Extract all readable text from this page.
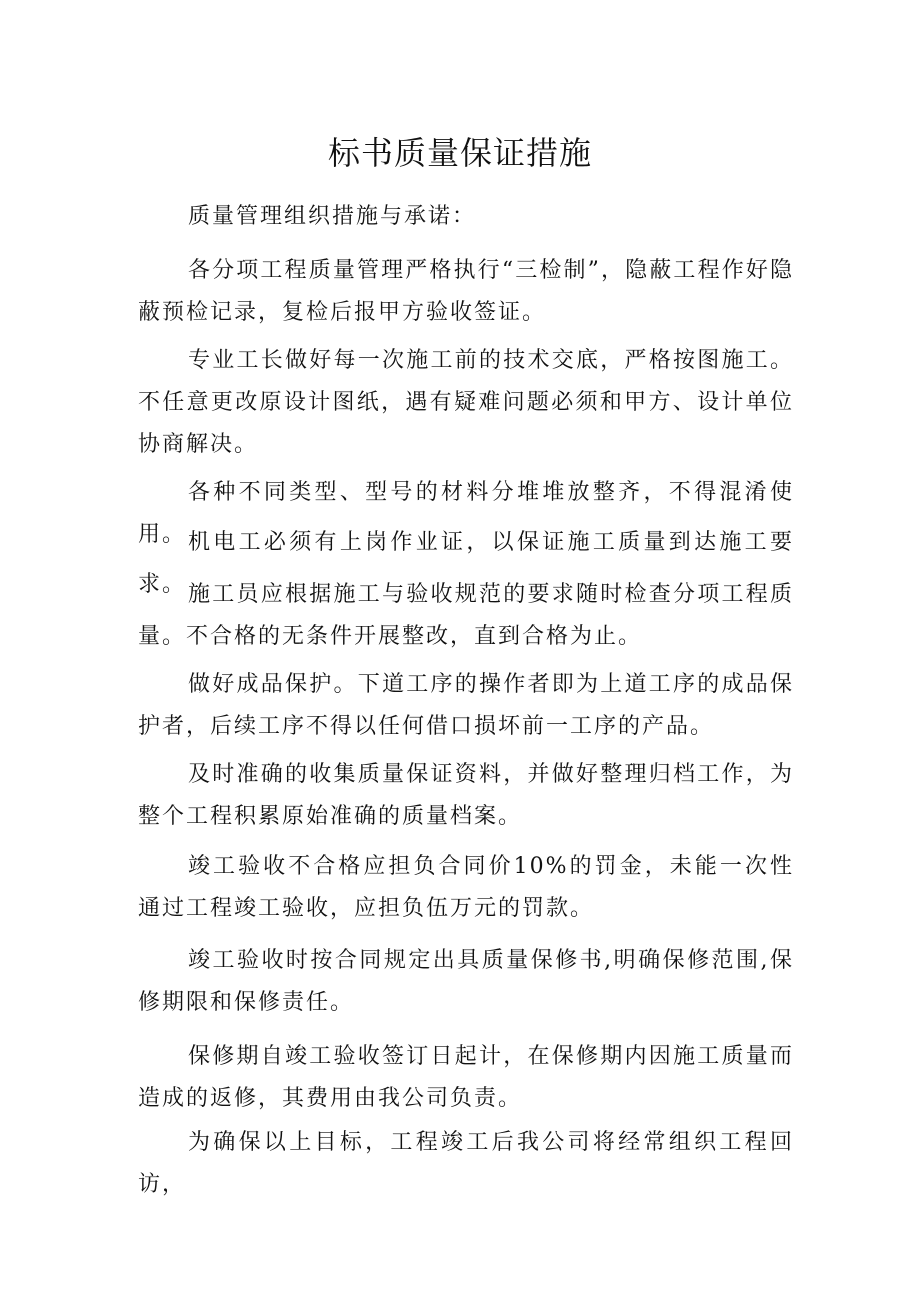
标书质量保证措施

质量管理组织措施与承诺：

各分项工程质量管理严格执行“三检制”，隐蔽工程作好隐蔽预检记录，复检后报甲方验收签证。

专业工长做好每一次施工前的技术交底，严格按图施工。不任意更改原设计图纸，遇有疑难问题必须和甲方、设计单位协商解决。

各种不同类型、型号的材料分堆堆放整齐，不得混淆使用。 机电工必须有上岗作业证，以保证施工质量到达施工要求。 施工员应根据施工与验收规范的要求随时检查分项工程质量。不合格的无条件开展整改，直到合格为止。

做好成品保护。下道工序的操作者即为上道工序的成品保护者，后续工序不得以任何借口损坏前一工序的产品。

及时准确的收集质量保证资料，并做好整理归档工作，为整个工程积累原始准确的质量档案。

竣工验收不合格应担负合同价10%的罚金，未能一次性通过工程竣工验收，应担负伍万元的罚款。

竣工验收时按合同规定出具质量保修书,明确保修范围,保修期限和保修责任。

保修期自竣工验收签订日起计，在保修期内因施工质量而造成的返修，其费用由我公司负责。

为确保以上目标，工程竣工后我公司将经常组织工程回访，
